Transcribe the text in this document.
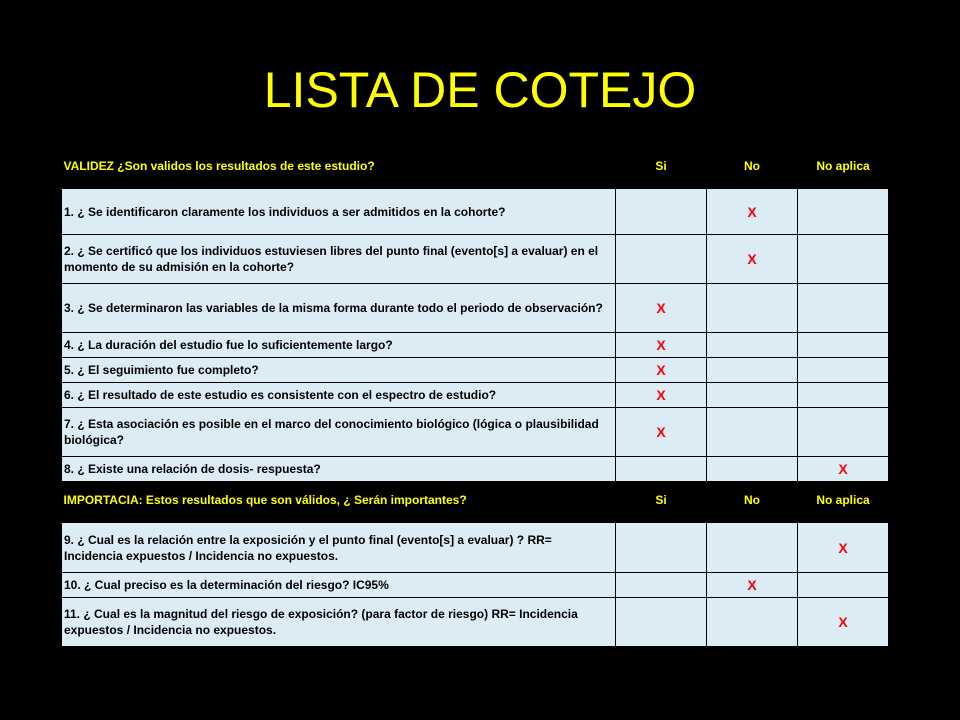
LISTA DE COTEJO
VALIDEZ ¿Son validos los resultados de este estudio?	Si	No	No aplica

1. ¿ Se identificaron claramente los individuos a ser admitidos en la cohorte?		X	
2. ¿ Se certificó que los individuos estuviesen libres del punto final (evento[s] a evaluar) en el momento de su admisión en la cohorte?		X	
3. ¿ Se determinaron las variables de la misma forma durante todo el periodo de observación?	X		
4. ¿ La duración del estudio fue lo suficientemente largo?	X		
5. ¿ El seguimiento fue completo?	X		
6. ¿ El resultado de este estudio es consistente con el espectro de estudio?	X		
7. ¿ Esta asociación es posible en el marco del conocimiento biológico (lógica o plausibilidad biológica?	X		
8. ¿ Existe una relación de dosis- respuesta?			X
IMPORTACIA: Estos resultados que son válidos, ¿ Serán importantes?	Si	No	No aplica

9. ¿ Cual es la relación entre la exposición y el punto final (evento[s] a evaluar) ? RR= Incidencia expuestos / Incidencia no expuestos.			X
10. ¿ Cual preciso es la determinación del riesgo? IC95%		X	
11. ¿ Cual es la magnitud del riesgo de exposición? (para factor de riesgo) RR= Incidencia expuestos / Incidencia no expuestos.			X
